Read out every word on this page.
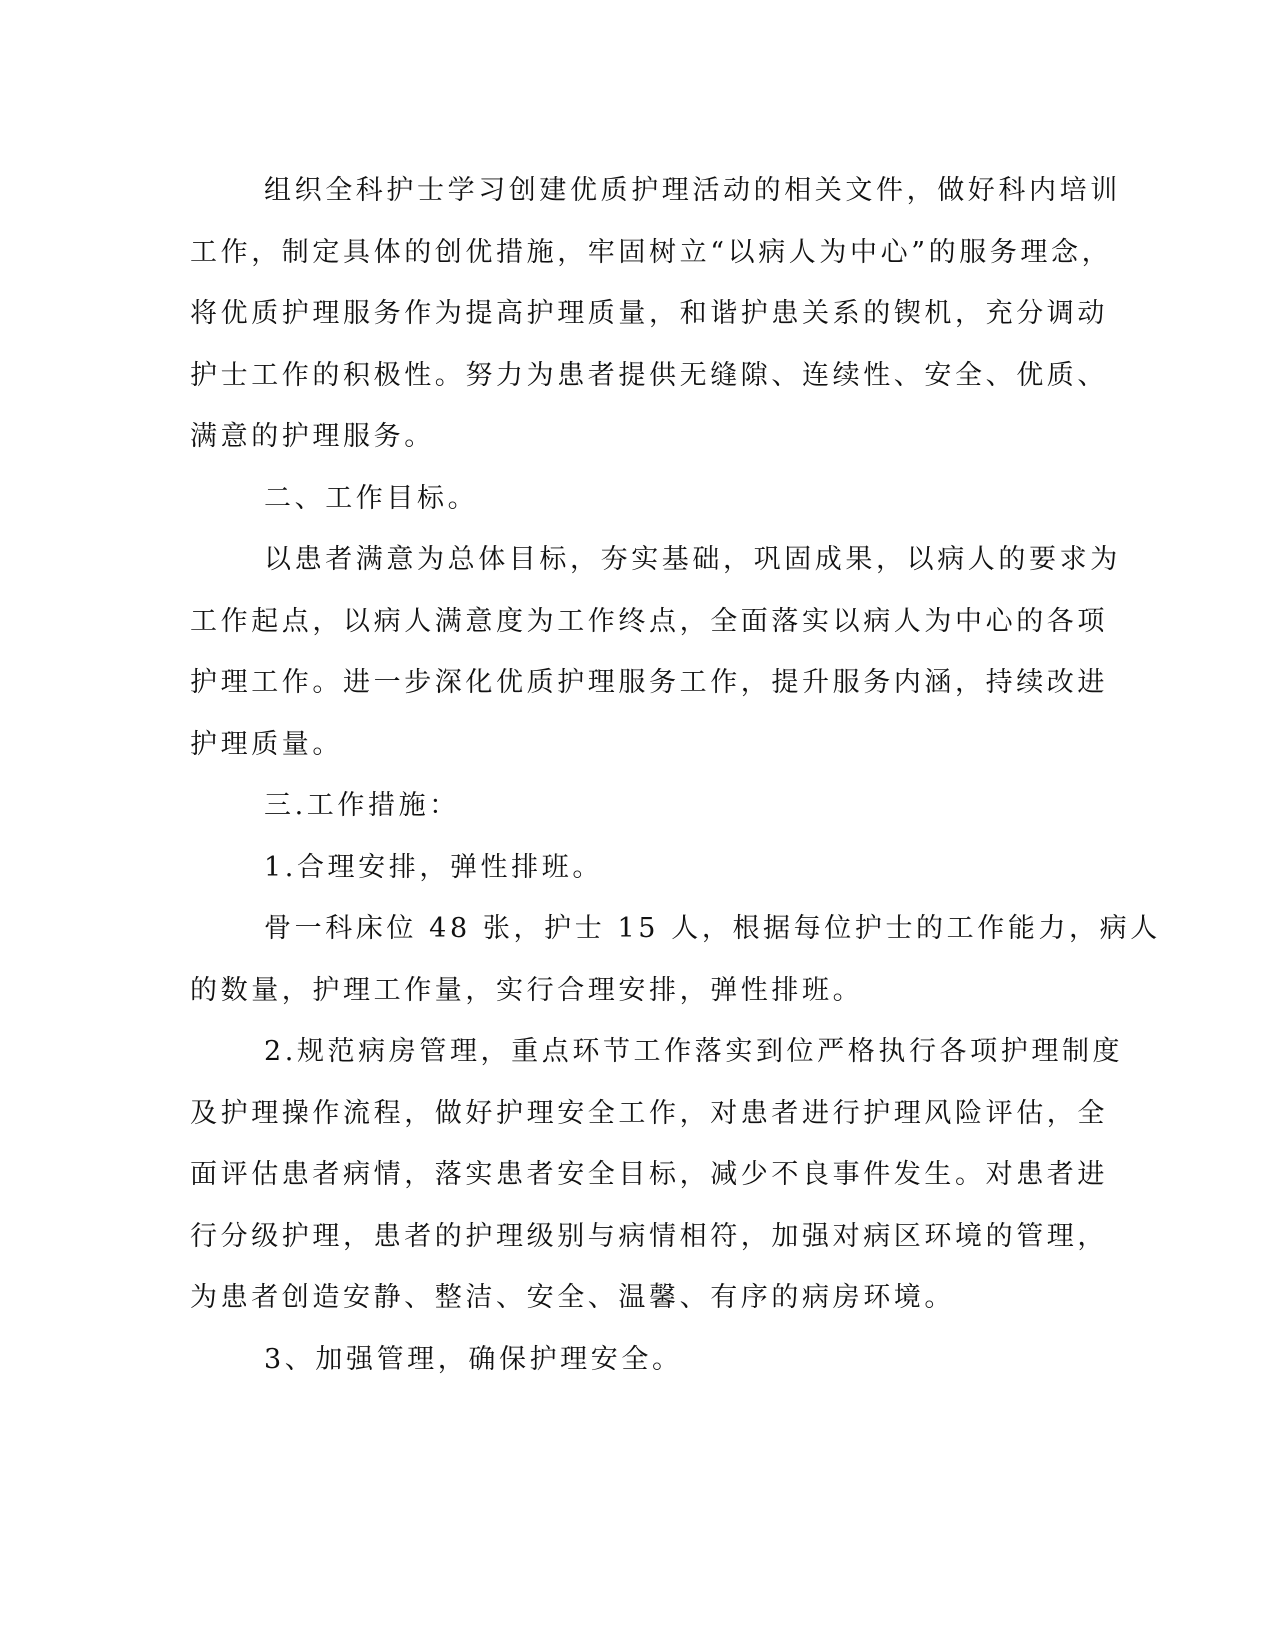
组织全科护士学习创建优质护理活动的相关文件，做好科内培训
工作，制定具体的创优措施，牢固树立“以病人为中心”的服务理念，
将优质护理服务作为提高护理质量，和谐护患关系的锲机，充分调动
护士工作的积极性。努力为患者提供无缝隙、连续性、安全、优质、
满意的护理服务。
二、工作目标。
以患者满意为总体目标，夯实基础，巩固成果，以病人的要求为
工作起点，以病人满意度为工作终点，全面落实以病人为中心的各项
护理工作。进一步深化优质护理服务工作，提升服务内涵，持续改进
护理质量。
三.工作措施：
1.合理安排，弹性排班。
骨一科床位 48 张，护士 15 人，根据每位护士的工作能力，病人
的数量，护理工作量，实行合理安排，弹性排班。
2.规范病房管理，重点环节工作落实到位严格执行各项护理制度
及护理操作流程，做好护理安全工作，对患者进行护理风险评估，全
面评估患者病情，落实患者安全目标，减少不良事件发生。对患者进
行分级护理，患者的护理级别与病情相符，加强对病区环境的管理，
为患者创造安静、整洁、安全、温馨、有序的病房环境。
3、加强管理，确保护理安全。
